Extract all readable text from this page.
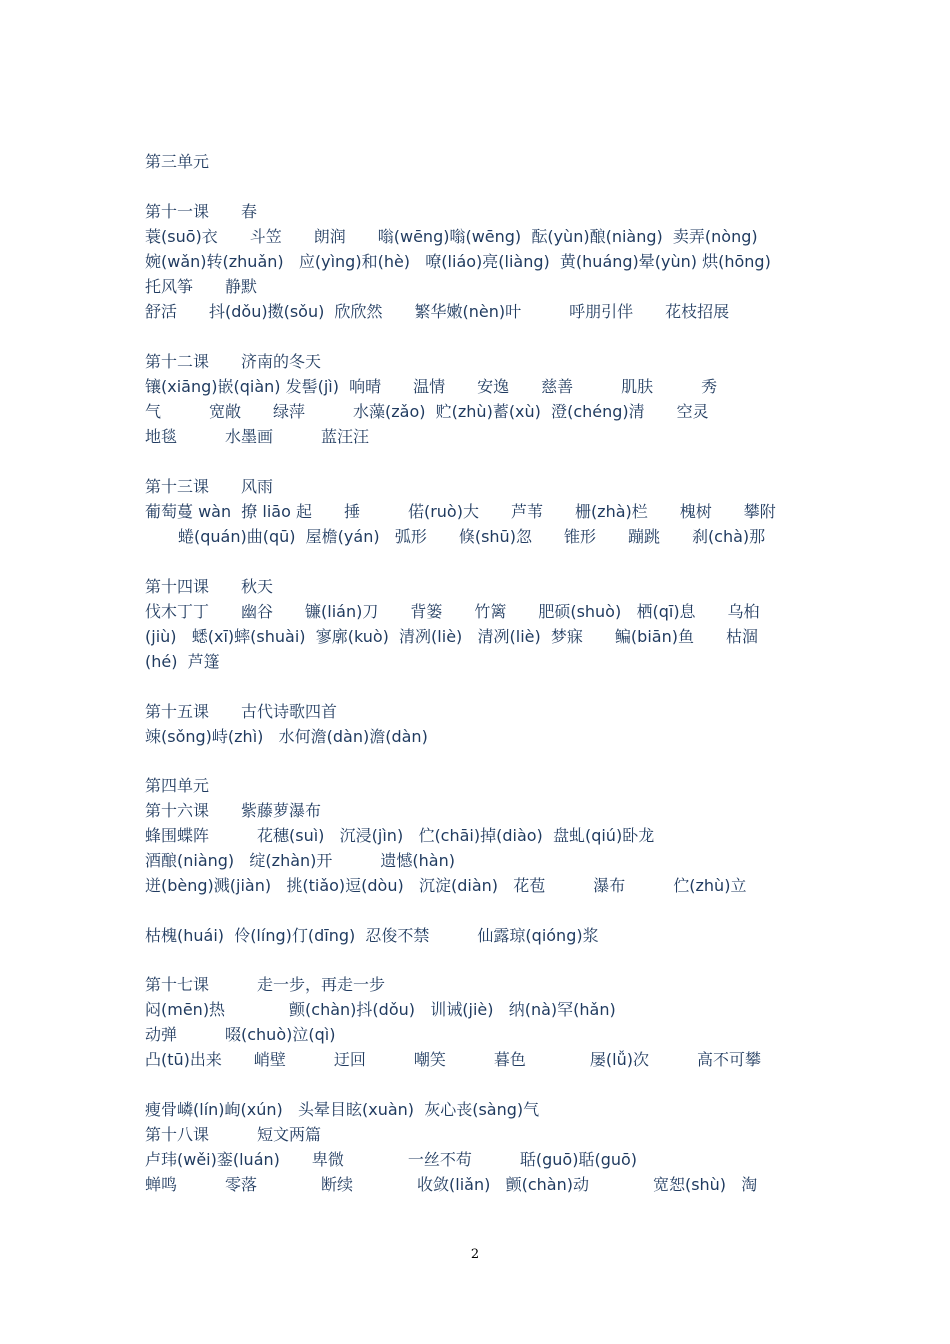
第三单元
第十一课　　春
蓑(suō)衣　　斗笠　　朗润　　嗡(wēng)嗡(wēng)  酝(yùn)酿(niàng)  卖弄(nòng)
婉(wǎn)转(zhuǎn)   应(yìng)和(hè)   嘹(liáo)亮(liàng)  黄(huáng)晕(yùn) 烘(hōng)
托风筝　　静默
舒活　　抖(dǒu)擞(sǒu)  欣欣然　　繁华嫩(nèn)叶　　　呼朋引伴　　花枝招展
第十二课　　济南的冬天
镶(xiāng)嵌(qiàn) 发髻(jì)  响晴　　温情　　安逸　　慈善　　　肌肤　　　秀
气　　　宽敞　　绿萍　　　水藻(zǎo)  贮(zhù)蓄(xù)  澄(chéng)清　　空灵
地毯　　　水墨画　　　蓝汪汪
第十三课　　风雨
葡萄蔓 wàn  撩 liāo 起　　捶　　　偌(ruò)大　　芦苇　　栅(zhà)栏　　槐树　　攀附
蜷(quán)曲(qū)  屋檐(yán)   弧形　　倏(shū)忽　　锥形　　蹦跳　　刹(chà)那
第十四课　　秋天
伐木丁丁　　幽谷　　镰(lián)刀　　背篓　　竹篱　　肥硕(shuò)   栖(qī)息　　乌桕
(jiù)   蟋(xī)蟀(shuài)  寥廓(kuò)  清冽(liè)   清冽(liè)  梦寐　　鳊(biān)鱼　　枯涸
(hé)  芦篷
第十五课　　古代诗歌四首
竦(sǒng)峙(zhì)   水何澹(dàn)澹(dàn)
第四单元
第十六课　　紫藤萝瀑布
蜂围蝶阵　　　花穗(suì)   沉浸(jìn)   伫(chāi)掉(diào)  盘虬(qiú)卧龙
酒酿(niàng)   绽(zhàn)开　　　遗憾(hàn)
迸(bèng)溅(jiàn)   挑(tiǎo)逗(dòu)   沉淀(diàn)   花苞　　　瀑布　　　伫(zhù)立
枯槐(huái)  伶(líng)仃(dīng)  忍俊不禁　　　仙露琼(qióng)浆
第十七课　　　走一步，再走一步
闷(mēn)热　　　　颤(chàn)抖(dǒu)   训诫(jiè)   纳(nà)罕(hǎn)
动弹　　　啜(chuò)泣(qì)
凸(tū)出来　　峭壁　　　迂回　　　嘲笑　　　暮色　　　　屡(lǚ)次　　　高不可攀
瘦骨嶙(lín)峋(xún)   头晕目眩(xuàn)  灰心丧(sàng)气
第十八课　　　短文两篇
卢玮(wěi)銮(luán)　　卑微　　　　一丝不苟　　　聒(guō)聒(guō)
蝉鸣　　　零落　　　　断续　　　　收敛(liǎn)   颤(chàn)动　　　　宽恕(shù)   淘
2
